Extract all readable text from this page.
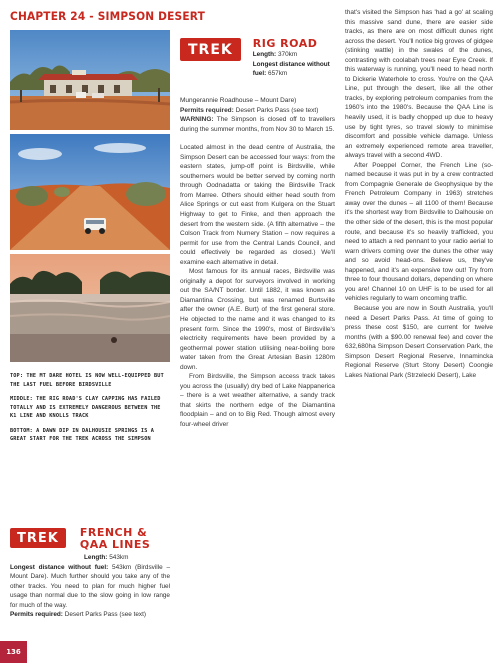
CHAPTER 24 - SIMPSON DESERT

TOP: THE MT DARE HOTEL IS NOW WELL-EQUIPPED BUT THE LAST FUEL BEFORE BIRDSVILLE

MIDDLE: THE RIG ROAD'S CLAY CAPPING HAS FAILED TOTALLY AND IS EXTREMELY DANGEROUS BETWEEN THE K1 LINE AND KNOLLS TRACK

BOTTOM: A DAWN DIP IN DALHOUSIE SPRINGS IS A GREAT START FOR THE TREK ACROSS THE SIMPSON

TREK	FRENCH &
QAA LINES
Length: 543km
Longest distance without fuel: 543km (Birdsville – Mount Dare). Much further should you take any of the other tracks. You need to plan for much higher fuel usage than normal due to the slow going in low range for much of the way.
Permits required: Desert Parks Pass (see text)
TREK	RIG ROAD
Length: 370km
Longest distance without fuel: 657km

Mungerannie Roadhouse – Mount Dare)

Permits required: Desert Parks Pass (see text)

WARNING: The Simpson is closed off to travellers during the summer months, from Nov 30 to March 15.

Located almost in the dead centre of Australia, the Simpson Desert can be accessed four ways: from the eastern states, jump-off point is Birdsville, while southerners would be better served by coming north through Oodnadatta or taking the Birdsville Track from Marree. Others should either head south from Alice Springs or cut east from Kulgera on the Stuart Highway to get to Finke, and then approach the desert from the western side. (A fifth alternative – the Colson Track from Numery Station – now requires a permit for use from the Central Lands Council, and could effectively be regarded as closed.) We'll examine each alternative in detail.

Most famous for its annual races, Birdsville was originally a depot for surveyors involved in working out the SA/NT border. Until 1882, it was known as Diamantina Crossing, but was renamed Burtsville after the owner (A.E. Burt) of the first general store. He objected to the name and it was changed to its present form. Since the 1990's, most of Birdsville's electricity requirements have been provided by a geothermal power station utilising near-boiling bore water taken from the Great Artesian Basin 1280m down.

From Birdsville, the Simpson access track takes you across the (usually) dry bed of Lake Nappanerica – there is a wet weather alternative, a sandy track that skirts the northern edge of the Diamantina floodplain – and on to Big Red. Though almost every four-wheel driver

that's visited the Simpson has 'had a go' at scaling this massive sand dune, there are easier side tracks, as there are on most difficult dunes right across the desert. You'll notice big groves of gidgee (stinking wattle) in the swales of the dunes, contrasting with coolabah trees near Eyre Creek. If this waterway is running, you'll need to head north to Dickerie Waterhole to cross. You're on the QAA Line, put through the desert, like all the other tracks, by exploring petroleum companies from the 1960's into the 1980's. Because the QAA Line is heavily used, it is badly chopped up due to heavy use by tight tyres, so travel slowly to minimise discomfort and possible vehicle damage. Unless an extremely experienced remote area traveller, always travel with a second 4WD.

After Poeppel Corner, the French Line (so-named because it was put in by a crew contracted from Compagnie Generale de Geophysique by the French Petroleum Company in 1963) stretches away over the dunes – all 1100 of them! Because it's the shortest way from Birdsville to Dalhousie on the other side of the desert, this is the most popular route, and because it's so heavily trafficked, you need to attach a red pennant to your radio aerial to warn drivers coming over the dunes the other way and so avoid head-ons. Believe us, they've happened, and it's an expensive tow out! Try from three to four thousand dollars, depending on where you are! Channel 10 on UHF is to be used for all vehicles regularly to warn oncoming traffic.

Because you are now in South Australia, you'll need a Desert Parks Pass. At time of going to press these cost $150, are current for twelve months (with a $90.00 renewal fee) and cover the 632,680ha Simpson Desert Conservation Park, the Simpson Desert Regional Reserve, Innamincka Regional Reserve (Sturt Stony Desert) Coongie Lakes National Park (Strzelecki Desert), Lake

136
